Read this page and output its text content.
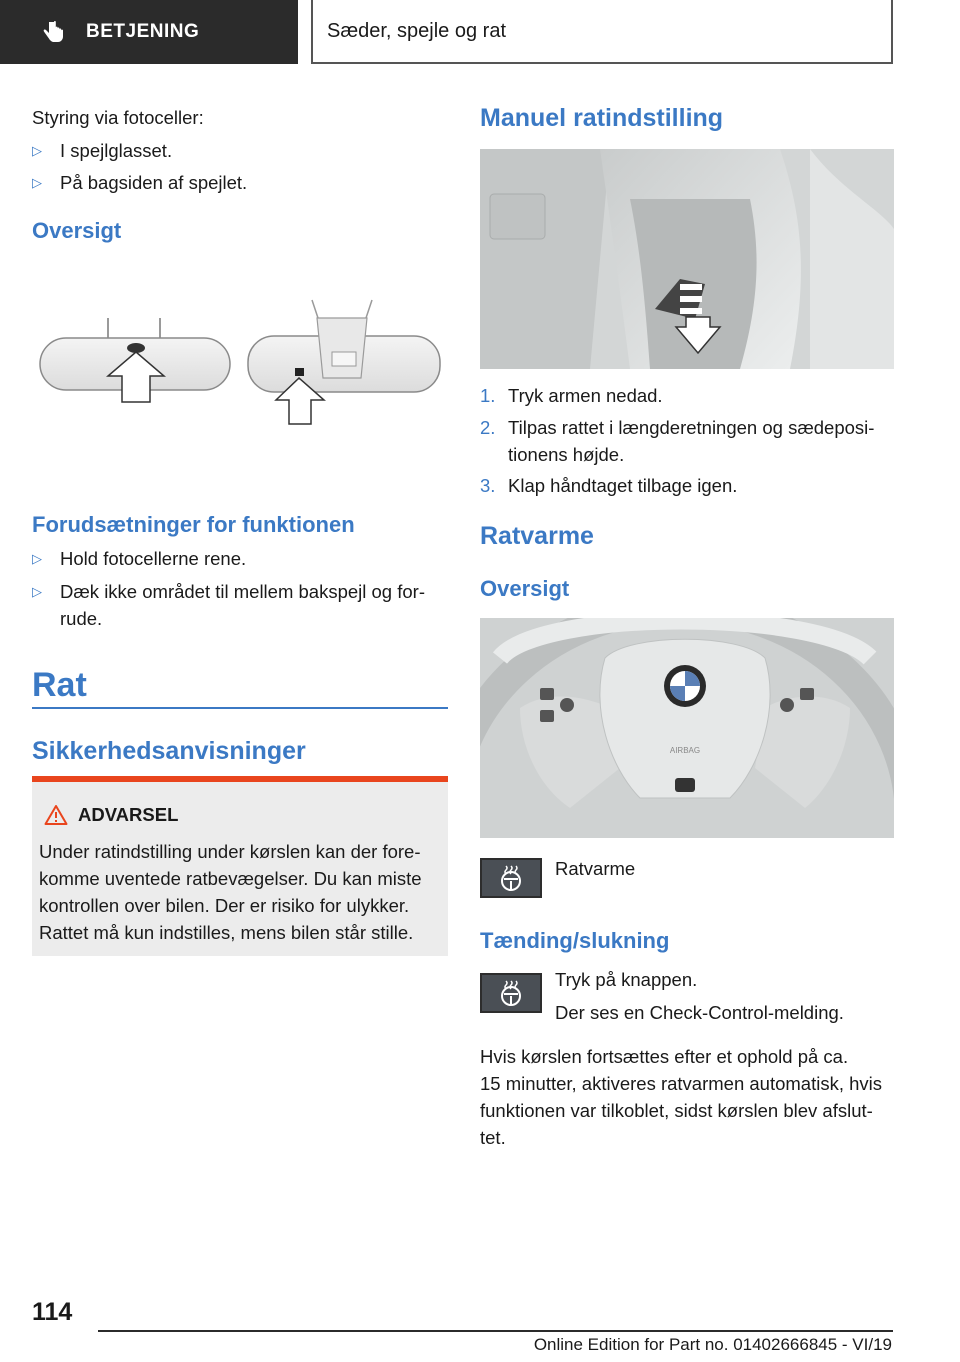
BETJENING	Sæder, spejle og rat
Styring via fotoceller:
▷ I spejlglasset.
▷ På bagsiden af spejlet.
Oversigt
Forudsætninger for funktionen
▷ Hold fotocellerne rene.
▷ Dæk ikke området til mellem bakspejl og for-
rude.
Rat
Sikkerhedsanvisninger
ADVARSEL
Under ratindstilling under kørslen kan der fore-
komme uventede ratbevægelser. Du kan miste
kontrollen over bilen. Der er risiko for ulykker.
Rattet må kun indstilles, mens bilen står stille.
Manuel ratindstilling
1. Tryk armen nedad.
2. Tilpas rattet i længderetningen og sædeposi-
tionens højde.
3. Klap håndtaget tilbage igen.
Ratvarme
Oversigt
AIRBAG
Ratvarme
Tænding/slukning
Tryk på knappen.
Der ses en Check-Control-melding.
Hvis kørslen fortsættes efter et ophold på ca.
15 minutter, aktiveres ratvarmen automatisk, hvis
funktionen var tilkoblet, sidst kørslen blev afslut-
tet.
114
Online Edition for Part no. 01402666845 - VI/19
